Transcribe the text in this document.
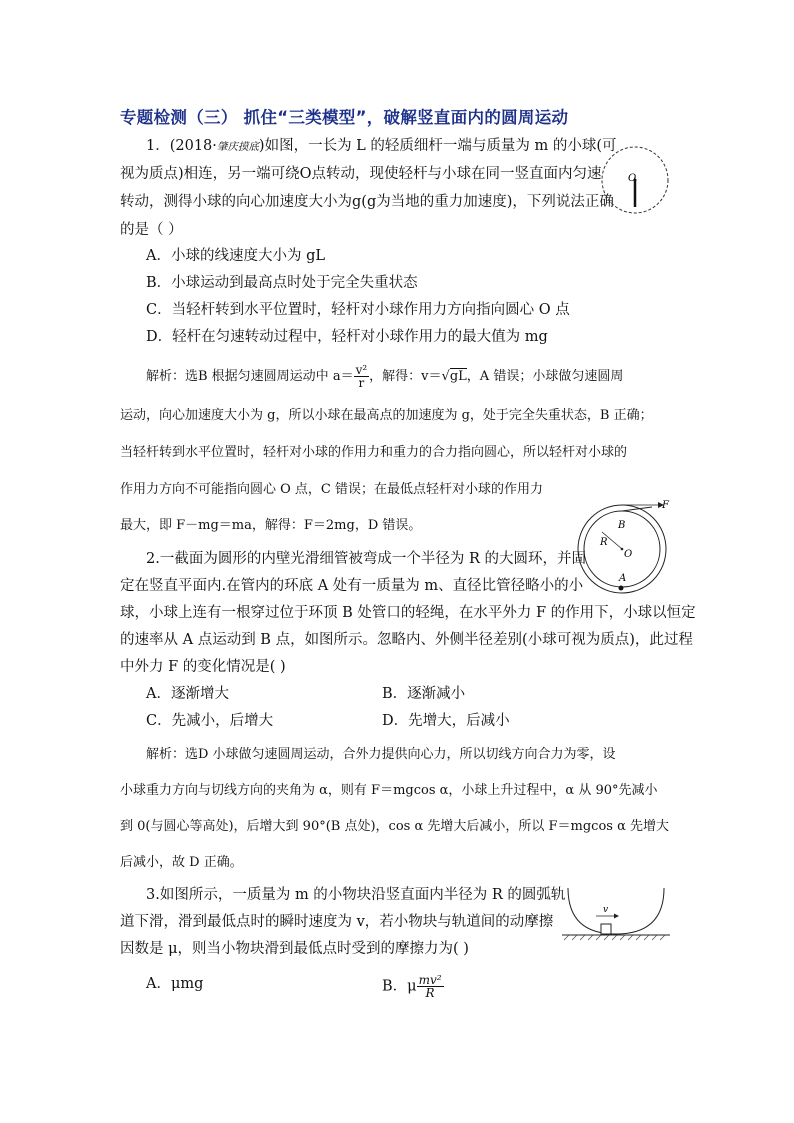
专题检测（三） 抓住“三类模型”，破解竖直面内的圆周运动
1．(2018·肇庆摸底)如图，一长为 L 的轻质细杆一端与质量为 m 的小球(可
视为质点)相连，另一端可绕O点转动，现使轻杆与小球在同一竖直面内匀速
转动，测得小球的向心加速度大小为g(g为当地的重力加速度)，下列说法正确
的是（ ）
O
A．小球的线速度大小为 gL
B．小球运动到最高点时处于完全失重状态
C．当轻杆转到水平位置时，轻杆对小球作用力方向指向圆心 O 点
D．轻杆在匀速转动过程中，轻杆对小球作用力的最大值为 mg
解析：选B 根据匀速圆周运动中 $a= \frac{\text{v²}}{r}$ ，解得：v＝√gL，A 错误；小球做匀速圆周
运动，向心加速度大小为 g，所以小球在最高点的加速度为 g，处于完全失重状态，B 正确；
当轻杆转到水平位置时，轻杆对小球的作用力和重力的合力指向圆心，所以轻杆对小球的
作用力方向不可能指向圆心 O 点，C 错误；在最低点轻杆对小球的作用力
最大，即 F－mg＝ma，解得：F＝2mg，D 错误。
F
B
R
O
A
2.一截面为圆形的内壁光滑细管被弯成一个半径为 R 的大圆环，并固
定在竖直平面内.在管内的环底 A 处有一质量为 m、直径比管径略小的小
球，小球上连有一根穿过位于环顶 B 处管口的轻绳，在水平外力 F 的作用下，小球以恒定
的速率从 A 点运动到 B 点，如图所示。忽略内、外侧半径差别(小球可视为质点)，此过程
中外力 F 的变化情况是( )
A．逐渐增大	B．逐渐减小
C．先减小，后增大	D．先增大，后减小
解析：选D 小球做匀速圆周运动，合外力提供向心力，所以切线方向合力为零，设
小球重力方向与切线方向的夹角为 α，则有 F＝mgcos α，小球上升过程中，α 从 90°先减小
到 0(与圆心等高处)，后增大到 90°(B 点处)，cos α 先增大后减小，所以 F＝mgcos α 先增大
后减小，故 D 正确。
3.如图所示，一质量为 m 的小物块沿竖直面内半径为 R 的圆弧轨
道下滑，滑到最低点时的瞬时速度为 v，若小物块与轨道间的动摩擦
因数是 μ，则当小物块滑到最低点时受到的摩擦力为( )
v
A．μmg	B．μ $\frac{\text{mv²}}{R}$
